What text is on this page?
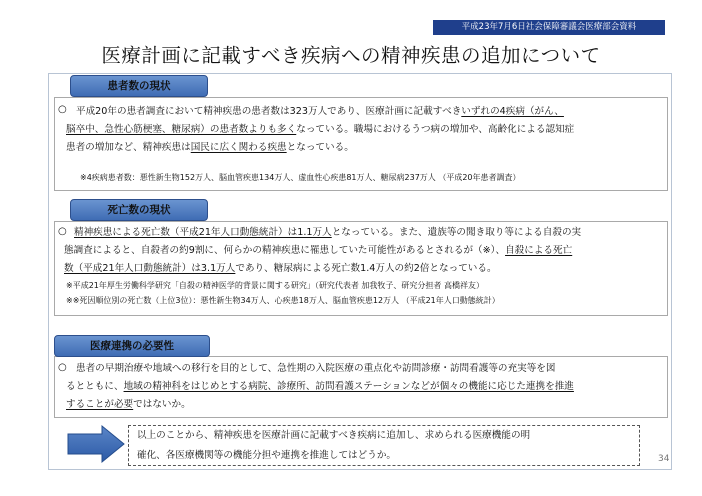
平成23年7月6日社会保障審議会医療部会資料
医療計画に記載すべき疾病への精神疾患の追加について
患者数の現状
○ 平成20年の患者調査において精神疾患の患者数は323万人であり、医療計画に記載すべきいずれの4疾病（がん、
脳卒中、急性心筋梗塞、糖尿病）の患者数よりも多くなっている。職場におけるうつ病の増加や、高齢化による認知症
患者の増加など、精神疾患は国民に広く関わる疾患となっている。
※4疾病患者数：悪性新生物152万人、脳血管疾患134万人、虚血性心疾患81万人、糖尿病237万人 （平成20年患者調査）
死亡数の現状
○ 精神疾患による死亡数（平成21年人口動態統計）は1.1万人となっている。また、遺族等の聞き取り等による自殺の実
態調査によると、自殺者の約9割に、何らかの精神疾患に罹患していた可能性があるとされるが（※）、自殺による死亡
数（平成21年人口動態統計）は3.1万人であり、糖尿病による死亡数1.4万人の約2倍となっている。
※平成21年厚生労働科学研究「自殺の精神医学的背景に関する研究」（研究代表者 加我牧子、研究分担者 高橋祥友）
※※死因順位別の死亡数（上位3位）：悪性新生物34万人、心疾患18万人、脳血管疾患12万人 （平成21年人口動態統計）
医療連携の必要性
○ 患者の早期治療や地域への移行を目的として、急性期の入院医療の重点化や訪問診療・訪問看護等の充実等を図
るとともに、地域の精神科をはじめとする病院、診療所、訪問看護ステーションなどが個々の機能に応じた連携を推進
することが必要ではないか。
以上のことから、精神疾患を医療計画に記載すべき疾病に追加し、求められる医療機能の明
確化、各医療機関等の機能分担や連携を推進してはどうか。	34
